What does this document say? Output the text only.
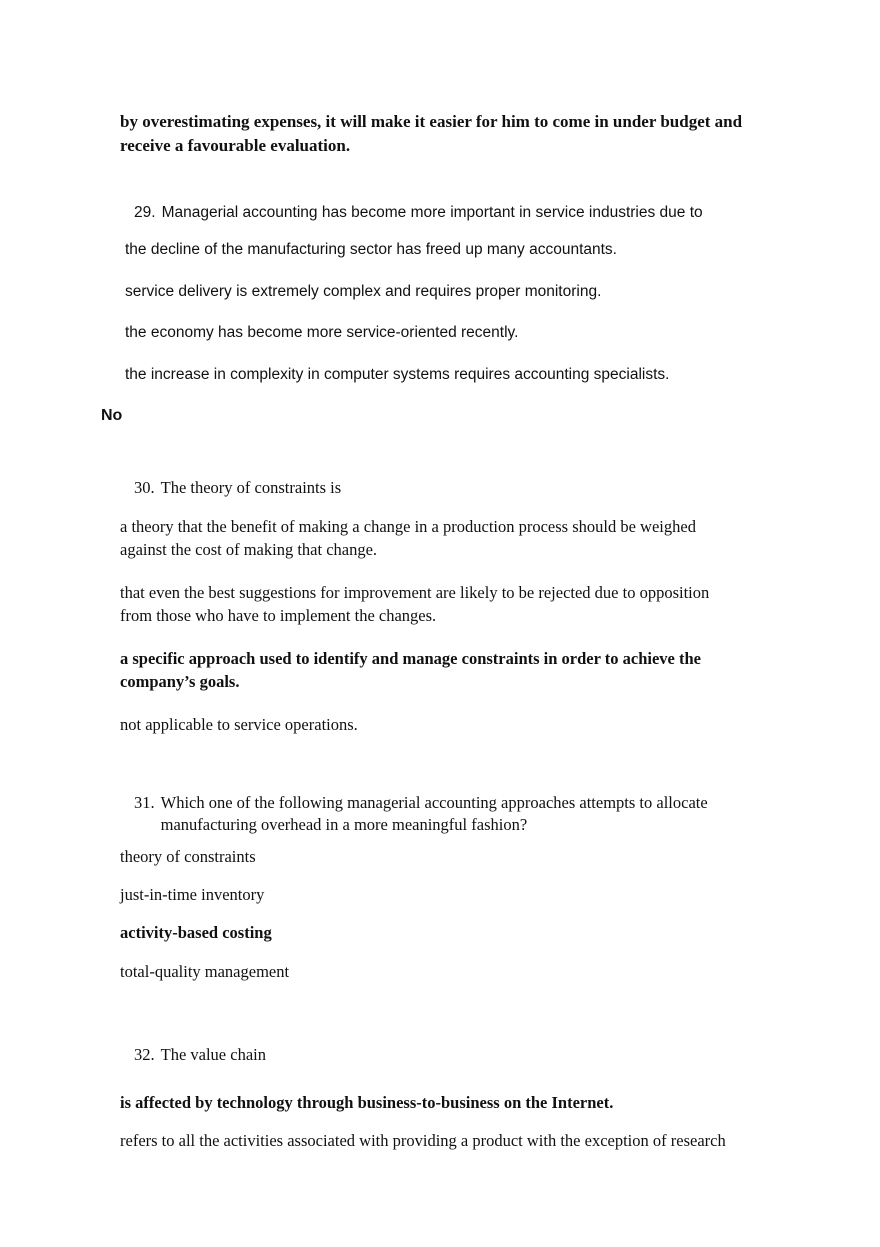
by overestimating expenses, it will make it easier for him to come in under budget and receive a favourable evaluation.

29. Managerial accounting has become more important in service industries due to

the decline of the manufacturing sector has freed up many accountants.

service delivery is extremely complex and requires proper monitoring.

the economy has become more service-oriented recently.

the increase in complexity in computer systems requires accounting specialists.

No

30. The theory of constraints is

a theory that the benefit of making a change in a production process should be weighed against the cost of making that change.

that even the best suggestions for improvement are likely to be rejected due to opposition from those who have to implement the changes.

a specific approach used to identify and manage constraints in order to achieve the company’s goals.

not applicable to service operations.

31. Which one of the following managerial accounting approaches attempts to allocate manufacturing overhead in a more meaningful fashion?

theory of constraints

just-in-time inventory

activity-based costing

total-quality management

32. The value chain

is affected by technology through business-to-business on the Internet.

refers to all the activities associated with providing a product with the exception of research
